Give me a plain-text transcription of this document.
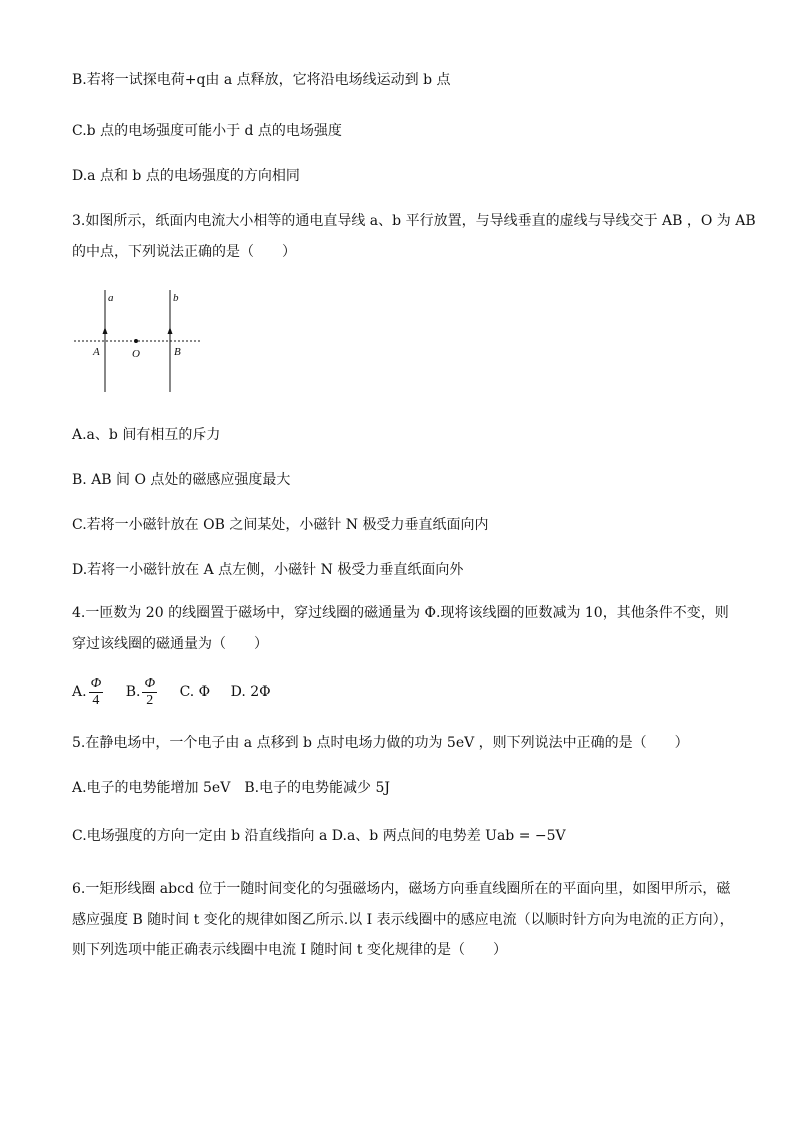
B.若将一试探电荷+q由 a 点释放，它将沿电场线运动到 b 点
C.b 点的电场强度可能小于 d 点的电场强度
D.a 点和 b 点的电场强度的方向相同
3.如图所示，纸面内电流大小相等的通电直导线 a、b 平行放置，与导线垂直的虚线与导线交于 AB ，O 为 AB
的中点，下列说法正确的是（　　）
a	b
A	O	B
A.a、b 间有相互的斥力
B. AB 间 O 点处的磁感应强度最大
C.若将一小磁针放在 OB 之间某处，小磁针 N 极受力垂直纸面向内
D.若将一小磁针放在 A 点左侧，小磁针 N 极受力垂直纸面向外
4.一匝数为 20 的线圈置于磁场中，穿过线圈的磁通量为 Φ.现将该线圈的匝数减为 10，其他条件不变，则
穿过该线圈的磁通量为（　　）
A. $\frac{\Phi}{4} B$. $\frac{\Phi}{2} C$. Φ D. 2Φ
5.在静电场中，一个电子由 a 点移到 b 点时电场力做的功为 5eV ，则下列说法中正确的是（　　）
A.电子的电势能增加 5eV　B.电子的电势能减少 5J
C.电场强度的方向一定由 b 沿直线指向 a D.a、b 两点间的电势差 Uab = −5V
6.一矩形线圈 abcd 位于一随时间变化的匀强磁场内，磁场方向垂直线圈所在的平面向里，如图甲所示，磁
感应强度 B 随时间 t 变化的规律如图乙所示.以 I 表示线圈中的感应电流（以顺时针方向为电流的正方向），
则下列选项中能正确表示线圈中电流 I 随时间 t 变化规律的是（　　）
